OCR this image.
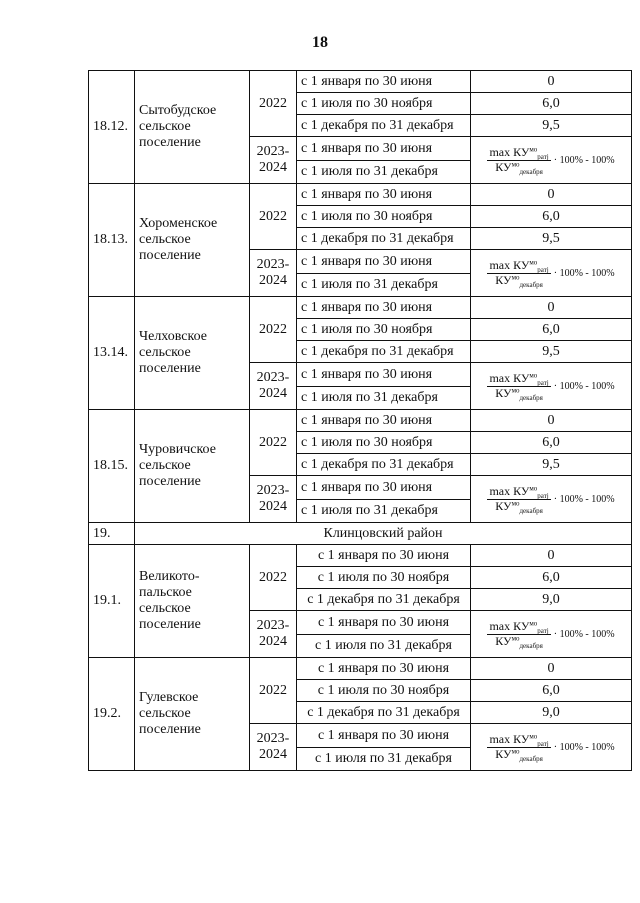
18
18.12.	Сытобудское сельское поселение	2022	с 1 января по 30 июня	0
			с 1 июля по 30 ноября	6,0
			с 1 декабря по 31 декабря	9,5
		2023-2024	с 1 января по 30 июня	$\frac{\max КУ^{мо}_{ратj}}{КУ^{мо}_{декабря}} \cdot 100\% - 100\%$

			с 1 июля по 31 декабря	
18.13.	Хороменское сельское поселение	2022	с 1 января по 30 июня	0
			с 1 июля по 30 ноября	6,0
			с 1 декабря по 31 декабря	9,5
		2023-2024	с 1 января по 30 июня	$\frac{\max КУ^{мо}_{ратj}}{КУ^{мо}_{декабря}} \cdot 100\% - 100\%$

			с 1 июля по 31 декабря	
13.14.	Челховское сельское поселение	2022	с 1 января по 30 июня	0
			с 1 июля по 30 ноября	6,0
			с 1 декабря по 31 декабря	9,5
		2023-2024	с 1 января по 30 июня	$\frac{\max КУ^{мо}_{ратj}}{КУ^{мо}_{декабря}} \cdot 100\% - 100\%$

			с 1 июля по 31 декабря	
18.15.	Чуровичское сельское поселение	2022	с 1 января по 30 июня	0
			с 1 июля по 30 ноября	6,0
			с 1 декабря по 31 декабря	9,5
		2023-2024	с 1 января по 30 июня	$\frac{\max КУ^{мо}_{ратj}}{КУ^{мо}_{декабря}} \cdot 100\% - 100\%$

			с 1 июля по 31 декабря	
19.	Клинцовский район			
19.1.	Великото-пальское сельское поселение	2022	с 1 января по 30 июня	0
			с 1 июля по 30 ноября	6,0
			с 1 декабря по 31 декабря	9,0
		2023-2024	с 1 января по 30 июня	$\frac{\max КУ^{мо}_{ратj}}{КУ^{мо}_{декабря}} \cdot 100\% - 100\%$

			с 1 июля по 31 декабря	
19.2.	Гулевское сельское поселение	2022	с 1 января по 30 июня	0
			с 1 июля по 30 ноября	6,0
			с 1 декабря по 31 декабря	9,0
		2023-2024	с 1 января по 30 июня	$\frac{\max КУ^{мо}_{ратj}}{КУ^{мо}_{декабря}} \cdot 100\% - 100\%$

			с 1 июля по 31 декабря	
